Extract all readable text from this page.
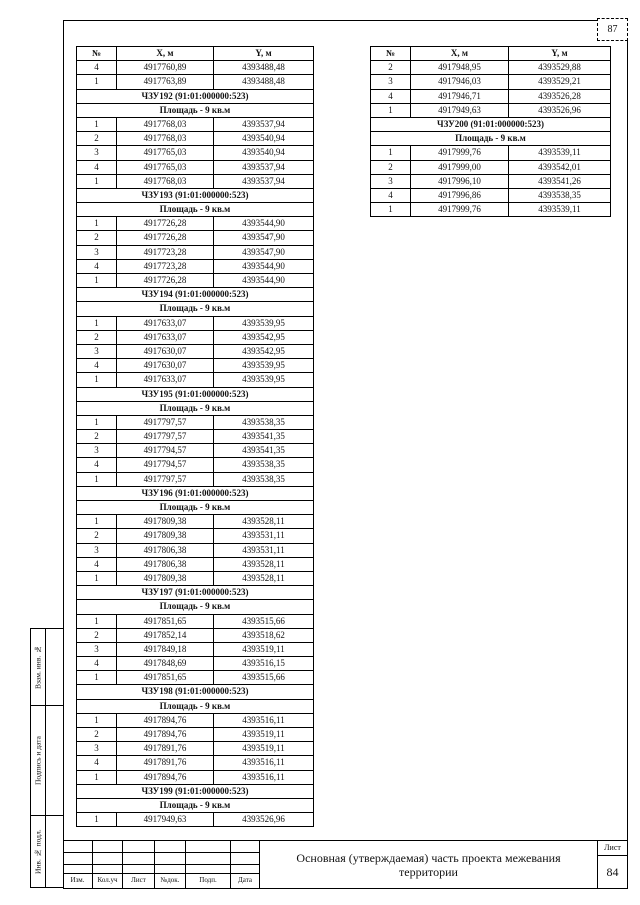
87
№	X, м	Y, м
4	4917760,89	4393488,48
1	4917763,89	4393488,48
ЧЗУ192 (91:01:000000:523)
Площадь - 9 кв.м
1	4917768,03	4393537,94
2	4917768,03	4393540,94
3	4917765,03	4393540,94
4	4917765,03	4393537,94
1	4917768,03	4393537,94
ЧЗУ193 (91:01:000000:523)
Площадь - 9 кв.м
1	4917726,28	4393544,90
2	4917726,28	4393547,90
3	4917723,28	4393547,90
4	4917723,28	4393544,90
1	4917726,28	4393544,90
ЧЗУ194 (91:01:000000:523)
Площадь - 9 кв.м
1	4917633,07	4393539,95
2	4917633,07	4393542,95
3	4917630,07	4393542,95
4	4917630,07	4393539,95
1	4917633,07	4393539,95
ЧЗУ195 (91:01:000000:523)
Площадь - 9 кв.м
1	4917797,57	4393538,35
2	4917797,57	4393541,35
3	4917794,57	4393541,35
4	4917794,57	4393538,35
1	4917797,57	4393538,35
ЧЗУ196 (91:01:000000:523)
Площадь - 9 кв.м
1	4917809,38	4393528,11
2	4917809,38	4393531,11
3	4917806,38	4393531,11
4	4917806,38	4393528,11
1	4917809,38	4393528,11
ЧЗУ197 (91:01:000000:523)
Площадь - 9 кв.м
1	4917851,65	4393515,66
2	4917852,14	4393518,62
3	4917849,18	4393519,11
4	4917848,69	4393516,15
1	4917851,65	4393515,66
ЧЗУ198 (91:01:000000:523)
Площадь - 9 кв.м
1	4917894,76	4393516,11
2	4917894,76	4393519,11
3	4917891,76	4393519,11
4	4917891,76	4393516,11
1	4917894,76	4393516,11
ЧЗУ199 (91:01:000000:523)
Площадь - 9 кв.м
1	4917949,63	4393526,96
№	X, м	Y, м
2	4917948,95	4393529,88
3	4917946,03	4393529,21
4	4917946,71	4393526,28
1	4917949,63	4393526,96
ЧЗУ200 (91:01:000000:523)
Площадь - 9 кв.м
1	4917999,76	4393539,11
2	4917999,00	4393542,01
3	4917996,10	4393541,26
4	4917996,86	4393538,35
1	4917999,76	4393539,11
Взам. инв. №
Подпись и дата
Инв. № подл.
Изм.	Кол.уч	Лист	№док.	Подп.	Дата
Основная (утверждаемая) часть проекта межевания территории
Лист
84
